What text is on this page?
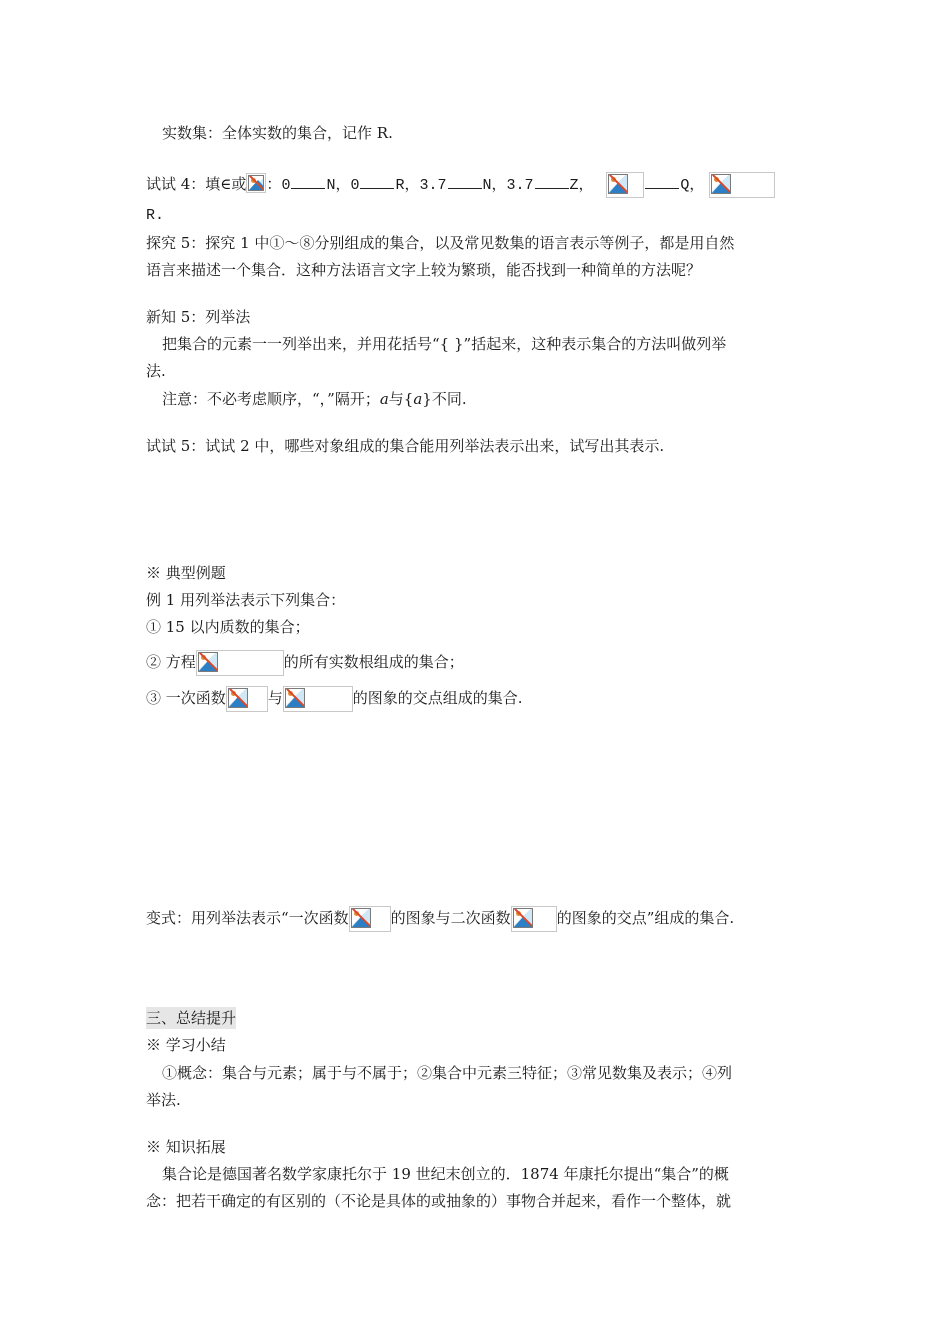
实数集：全体实数的集合，记作 R.
试试 4：填∈或 ：0 N，0 R，3.7 N，3.7 Z，	Q，
R.
探究 5：探究 1 中①～⑧分别组成的集合，以及常见数集的语言表示等例子，都是用自然
语言来描述一个集合．这种方法语言文字上较为繁琐，能否找到一种简单的方法呢？
新知 5：列举法
把集合的元素一一列举出来，并用花括号“{ }”括起来，这种表示集合的方法叫做列举
法.
注意：不必考虑顺序，“，”隔开；a与{a}不同.
试试 5：试试 2 中，哪些对象组成的集合能用列举法表示出来，试写出其表示.
※ 典型例题
例 1 用列举法表示下列集合：
① 15 以内质数的集合；
② 方程	的所有实数根组成的集合；
③ 一次函数	与	的图象的交点组成的集合.
变式：用列举法表示“一次函数	的图象与二次函数	的图象的交点”组成的集合.
三、总结提升
※ 学习小结
①概念：集合与元素；属于与不属于；②集合中元素三特征；③常见数集及表示；④列
举法.
※ 知识拓展
集合论是德国著名数学家康托尔于 19 世纪末创立的．1874 年康托尔提出“集合”的概
念：把若干确定的有区别的（不论是具体的或抽象的）事物合并起来，看作一个整体，就
